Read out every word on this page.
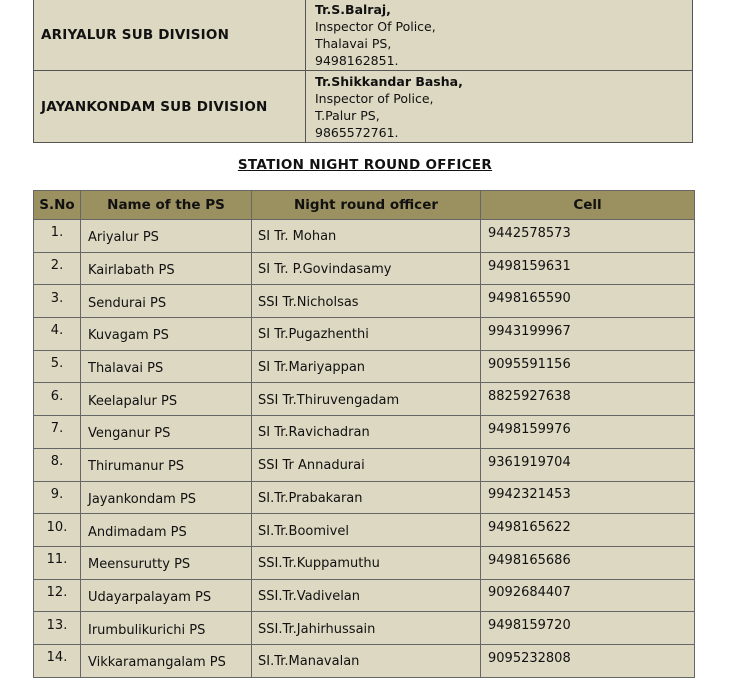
ARIYALUR SUB DIVISION	Tr.S.Balraj,
Inspector Of Police,
Thalavai PS,
9498162851.

JAYANKONDAM SUB DIVISION	Tr.Shikkandar Basha,
Inspector of Police,
T.Palur PS,
9865572761.
STATION NIGHT ROUND OFFICER
S.No	Name of the PS	Night round officer	Cell
1.	Ariyalur PS	SI Tr. Mohan	9442578573
2.	Kairlabath PS	SI Tr. P.Govindasamy	9498159631
3.	Sendurai PS	SSI Tr.Nicholsas	9498165590
4.	Kuvagam PS	SI Tr.Pugazhenthi	9943199967
5.	Thalavai PS	SI Tr.Mariyappan	9095591156
6.	Keelapalur PS	SSI Tr.Thiruvengadam	8825927638
7.	Venganur PS	SI Tr.Ravichadran	9498159976
8.	Thirumanur PS	SSI Tr Annadurai	9361919704
9.	Jayankondam PS	SI.Tr.Prabakaran	9942321453
10.	Andimadam PS	SI.Tr.Boomivel	9498165622
11.	Meensurutty PS	SSI.Tr.Kuppamuthu	9498165686
12.	Udayarpalayam PS	SSI.Tr.Vadivelan	9092684407
13.	Irumbulikurichi PS	SSI.Tr.Jahirhussain	9498159720
14.	Vikkaramangalam PS	SI.Tr.Manavalan	9095232808
